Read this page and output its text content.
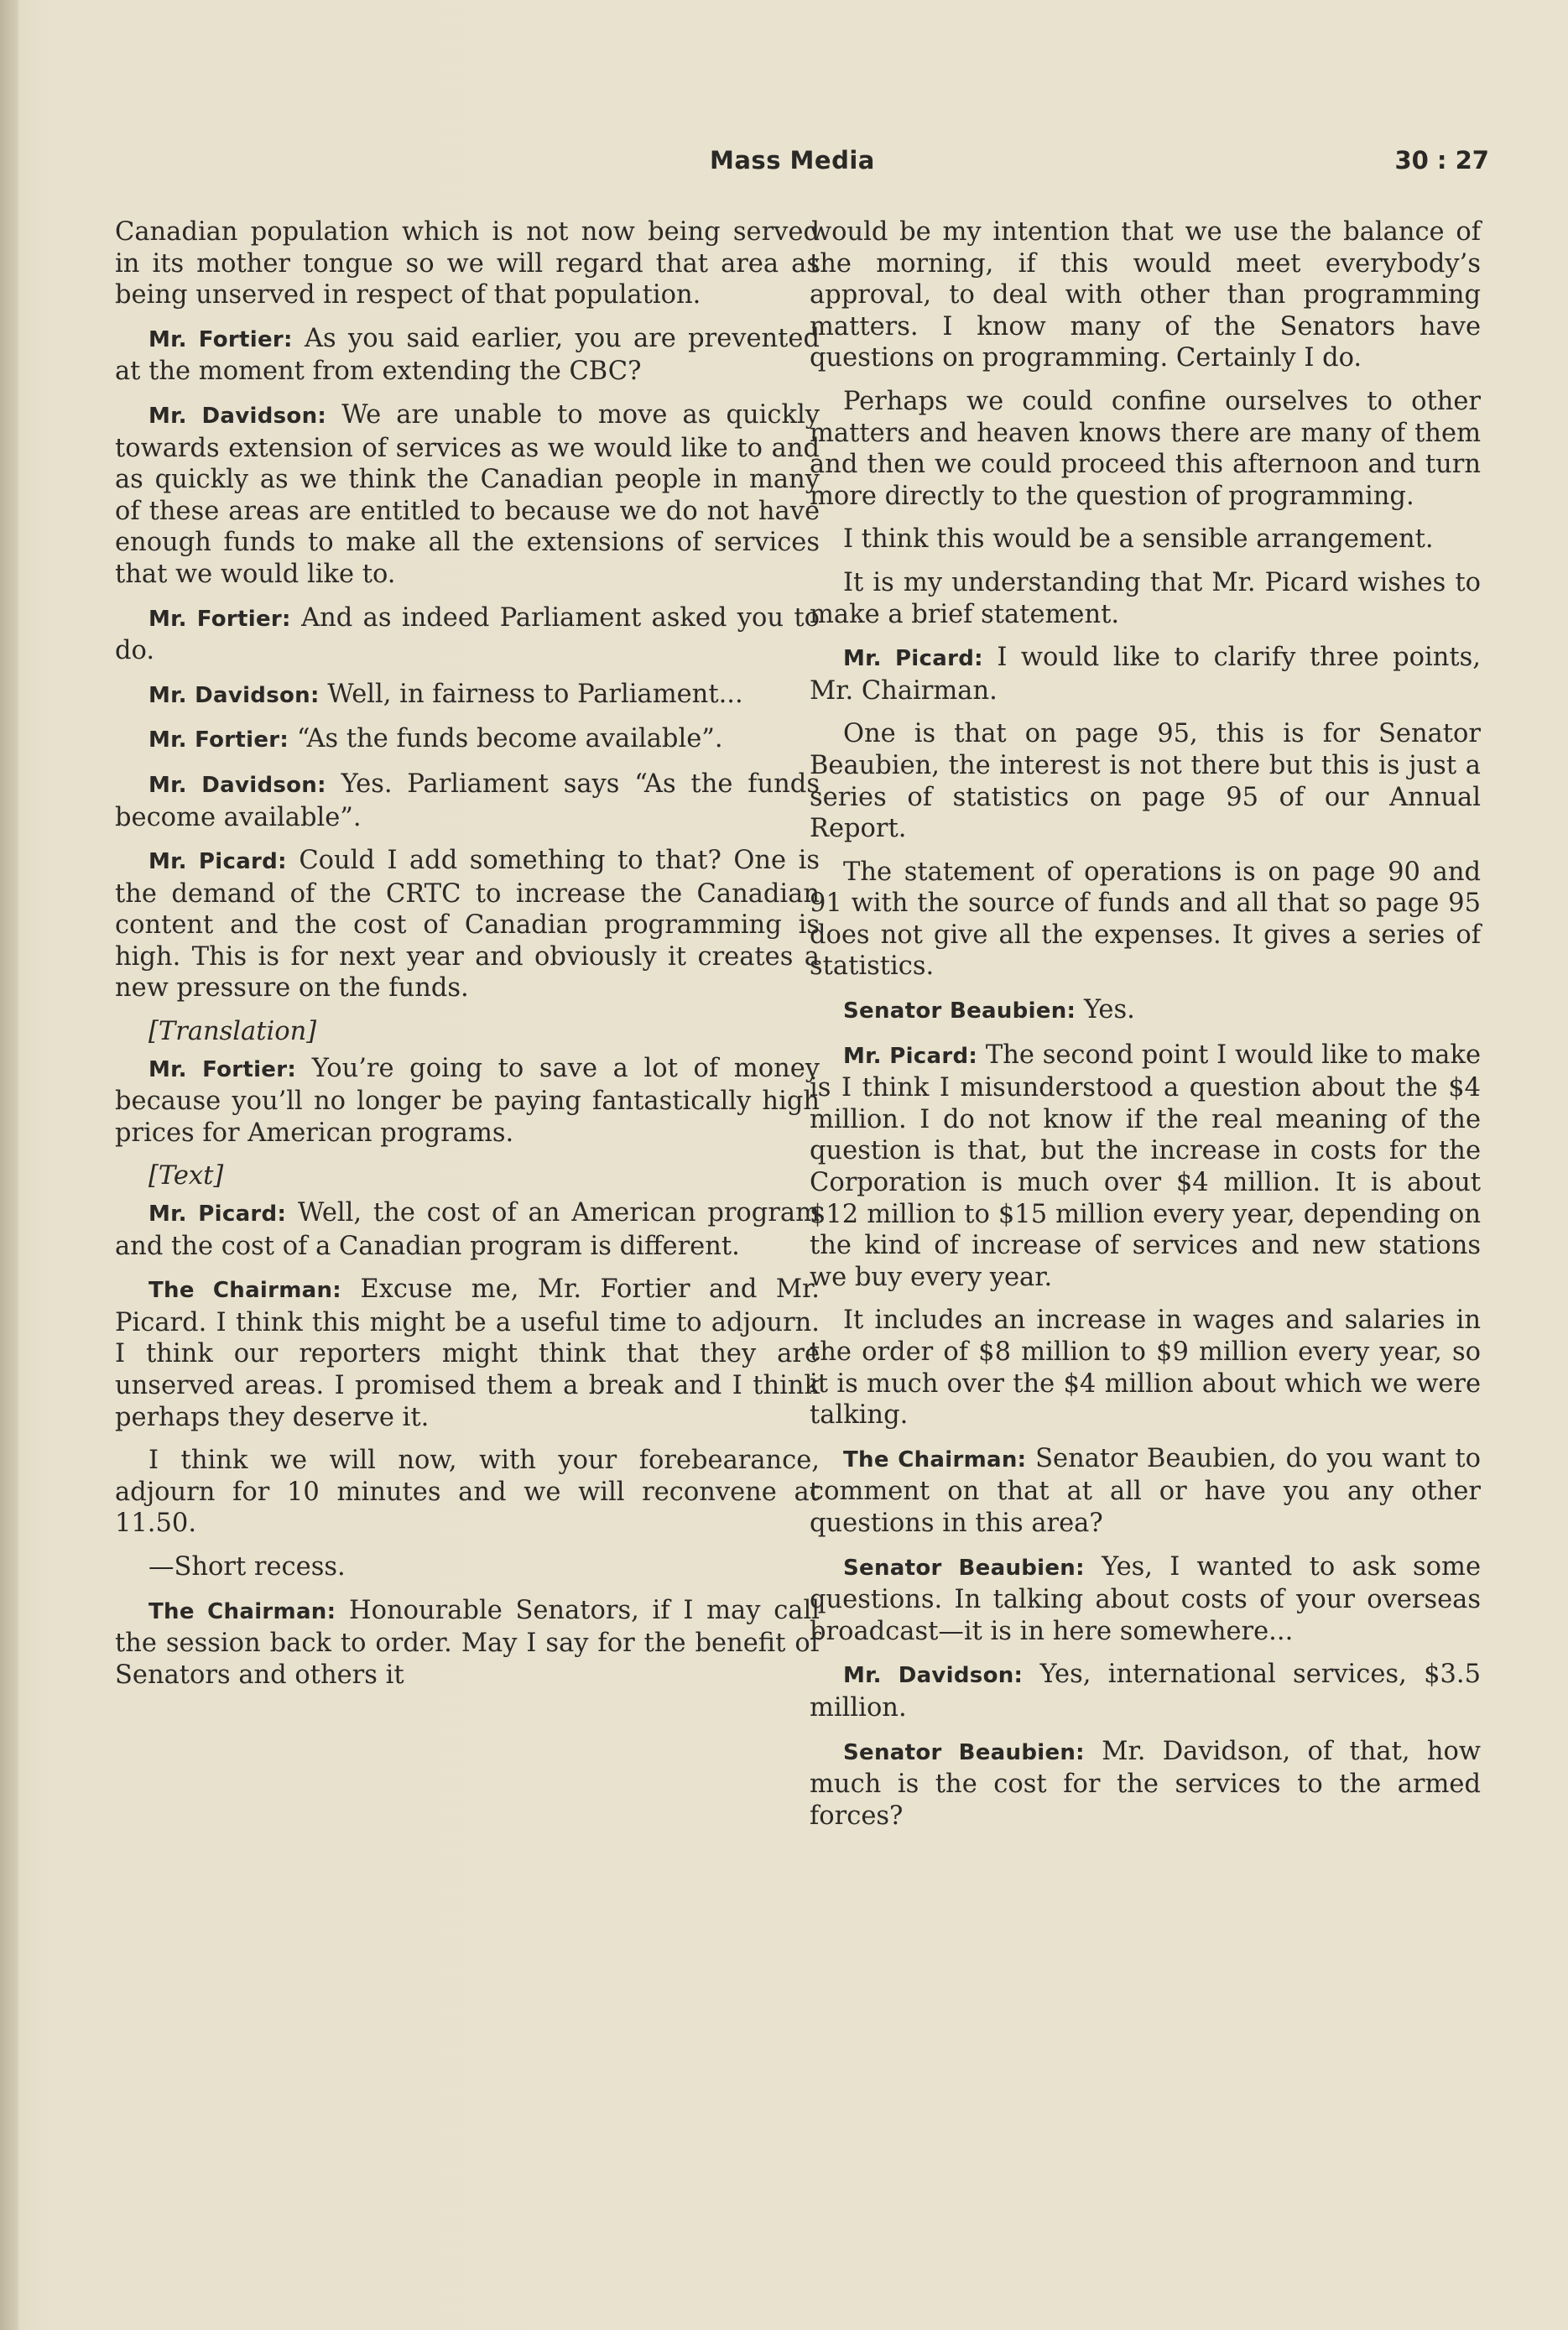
Mass Media	30 : 27

Canadian population which is not now being served in its mother tongue so we will regard that area as being unserved in respect of that population.

Mr. Fortier: As you said earlier, you are prevented at the moment from extending the CBC?

Mr. Davidson: We are unable to move as quickly towards extension of services as we would like to and as quickly as we think the Canadian people in many of these areas are entitled to because we do not have enough funds to make all the extensions of services that we would like to.

Mr. Fortier: And as indeed Parliament asked you to do.

Mr. Davidson: Well, in fairness to Parliament...

Mr. Fortier: “As the funds become available”.

Mr. Davidson: Yes. Parliament says “As the funds become available”.

Mr. Picard: Could I add something to that? One is the demand of the CRTC to increase the Canadian content and the cost of Canadian programming is high. This is for next year and obviously it creates a new pressure on the funds.

[Translation]

Mr. Fortier: You’re going to save a lot of money because you’ll no longer be paying fantastically high prices for American programs.

[Text]

Mr. Picard: Well, the cost of an American program and the cost of a Canadian program is different.

The Chairman: Excuse me, Mr. Fortier and Mr. Picard. I think this might be a useful time to adjourn. I think our reporters might think that they are unserved areas. I promised them a break and I think perhaps they deserve it.

I think we will now, with your forebearance, adjourn for 10 minutes and we will reconvene at 11.50.

—Short recess.

The Chairman: Honourable Senators, if I may call the session back to order. May I say for the benefit of Senators and others it

would be my intention that we use the balance of the morning, if this would meet everybody’s approval, to deal with other than programming matters. I know many of the Senators have questions on programming. Certainly I do.

Perhaps we could confine ourselves to other matters and heaven knows there are many of them and then we could proceed this afternoon and turn more directly to the question of programming.

I think this would be a sensible arrangement.

It is my understanding that Mr. Picard wishes to make a brief statement.

Mr. Picard: I would like to clarify three points, Mr. Chairman.

One is that on page 95, this is for Senator Beaubien, the interest is not there but this is just a series of statistics on page 95 of our Annual Report.

The statement of operations is on page 90 and 91 with the source of funds and all that so page 95 does not give all the expenses. It gives a series of statistics.

Senator Beaubien: Yes.

Mr. Picard: The second point I would like to make is I think I misunderstood a question about the $4 million. I do not know if the real meaning of the question is that, but the increase in costs for the Corporation is much over $4 million. It is about $12 million to $15 million every year, depending on the kind of increase of services and new stations we buy every year.

It includes an increase in wages and salaries in the order of $8 million to $9 million every year, so it is much over the $4 million about which we were talking.

The Chairman: Senator Beaubien, do you want to comment on that at all or have you any other questions in this area?

Senator Beaubien: Yes, I wanted to ask some questions. In talking about costs of your overseas broadcast—it is in here somewhere...

Mr. Davidson: Yes, international services, $3.5 million.

Senator Beaubien: Mr. Davidson, of that, how much is the cost for the services to the armed forces?
